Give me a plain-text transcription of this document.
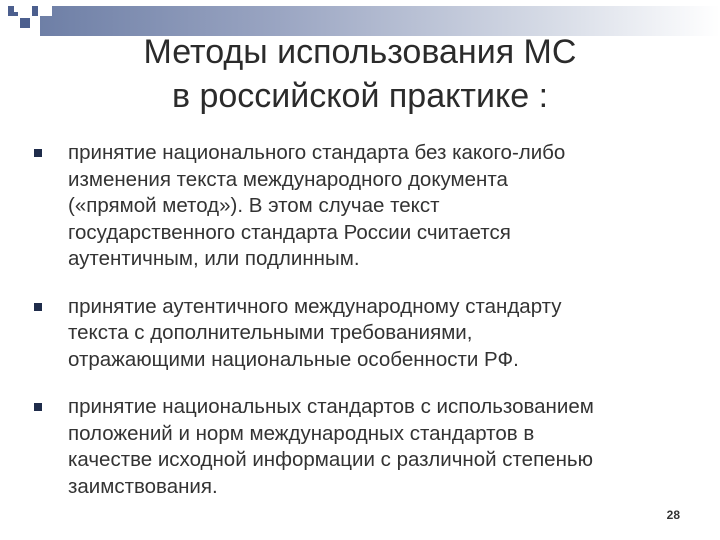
Методы использования МС
в российской практике :
принятие национального стандарта без какого-либо
изменения текста международного документа
(«прямой метод»). В этом случае текст
государственного стандарта России считается
аутентичным, или подлинным.
принятие аутентичного международному стандарту
текста с дополнительными требованиями,
отражающими национальные особенности РФ.
принятие национальных стандартов с использованием
положений и норм международных стандартов в
качестве исходной информации с различной степенью
заимствования.
28
